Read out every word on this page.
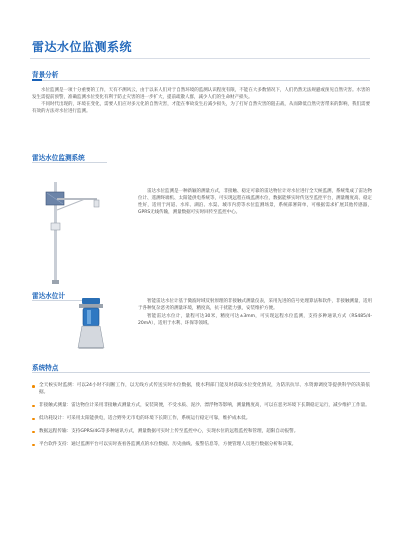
雷达水位监测系统
背景分析

水位监测是一项十分重要的工作，天有不测风云，由于以来人们对于自然环境的监测认识程度有限，不能在大多数情况下，人们仍然无法规避或预见自然灾害。水害的发生需提前预警，准确监测水位变化有利于防止灾害的进一步扩大，提前疏散人群，减少人们的生命财产损失。

不同时代出现的，环境在变化，需要人们应对多元化的自然灾害，才能在事故发生后减少损失，为了打好自然灾害的阻击战，从而降低自然灾害带来的影响，我们需要有效的方法对水位进行监测。

雷达水位监测系统

雷达水位监测是一种新颖的测量方式，非接触、稳定可靠的雷达物位计对水位进行全天候监测，系统集成了雷达物位计、遥测终端机、太阳能供电系统等，可实现远程在线监测水位，数据能够实时传送至监控平台，测量精度高、稳定性好，适用于河道、水库、湖泊、水渠、城市内涝等水位监测场景，系统部署简单，可根据需求扩展其他传感器，GPRS无线传输，测量数据可实时回传至监控中心。

雷达水位计

智能雷达水位计基于微波时域反射原理的非接触式测量仪表，采用先进的信号处理算法和软件，非接触测量，适用于各种复杂恶劣的测量环境，精度高，抗干扰能力强，安装维护方便。

智能雷达水位计，量程可达30米，精度可达±3mm，可实现远程水位监测，支持多种通讯方式（RS485/4-20mA），适用于水利、环保等领域。

系统特点
全天候实时监测：可以24小时不间断工作，以无线方式传送实时水位数据，使水利部门能及时获取水位变化情况，为防汛抗旱、水资源调度等提供科学的决策依据。
非接触式测量：雷达物位计采用非接触式测量方式，安装简便，不受水质、泥沙、漂浮物等影响，测量精度高，可以在恶劣环境下长期稳定运行，减少维护工作量。
低功耗设计：可采用太阳能供电，适合野外无市电的环境下长期工作，系统运行稳定可靠，维护成本低。
数据远程传输：支持GPRS/4G等多种通讯方式，测量数据可实时上传至监控中心，实现水位的远程监控和管理，超限自动报警。
平台软件支持：通过监测平台可以实时查看各监测点的水位数据、历史曲线、报警信息等，方便管理人员进行数据分析和决策。
